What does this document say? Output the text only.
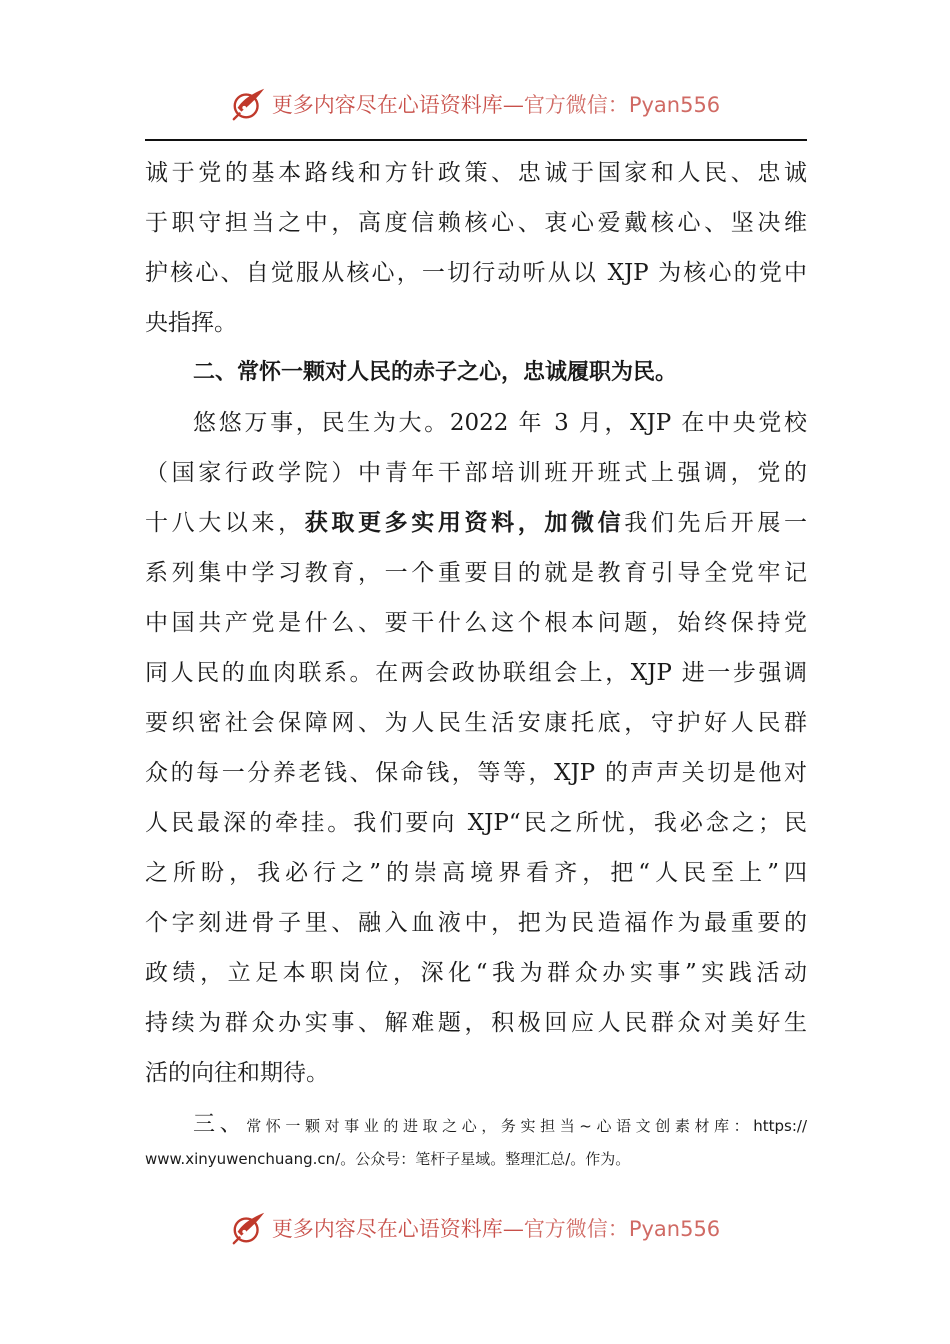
更多内容尽在心语资料库—官方微信：Pyan556
诚于党的基本路线和方针政策、忠诚于国家和人民、忠诚
于职守担当之中，高度信赖核心、衷心爱戴核心、坚决维
护核心、自觉服从核心，一切行动听从以 XJP 为核心的党中
央指挥。
二、常怀一颗对人民的赤子之心，忠诚履职为民。
悠悠万事，民生为大。2022 年 3 月，XJP 在中央党校
（国家行政学院）中青年干部培训班开班式上强调，党的
十八大以来，获取更多实用资料，加微信我们先后开展一
系列集中学习教育，一个重要目的就是教育引导全党牢记
中国共产党是什么、要干什么这个根本问题，始终保持党
同人民的血肉联系。在两会政协联组会上，XJP 进一步强调
要织密社会保障网、为人民生活安康托底，守护好人民群
众的每一分养老钱、保命钱，等等，XJP 的声声关切是他对
人民最深的牵挂。我们要向 XJP“民之所忧，我必念之；民
之所盼，我必行之”的崇高境界看齐，把“人民至上”四
个字刻进骨子里、融入血液中，把为民造福作为最重要的
政绩，立足本职岗位，深化“我为群众办实事”实践活动
持续为群众办实事、解难题，积极回应人民群众对美好生
活的向往和期待。
三、常怀一颗对事业的进取之心，务实担当~心语文创素材库：https://
www.xinyuwenchuang.cn/。公众号：笔杆子星域。整理汇总/。作为。
更多内容尽在心语资料库—官方微信：Pyan556
